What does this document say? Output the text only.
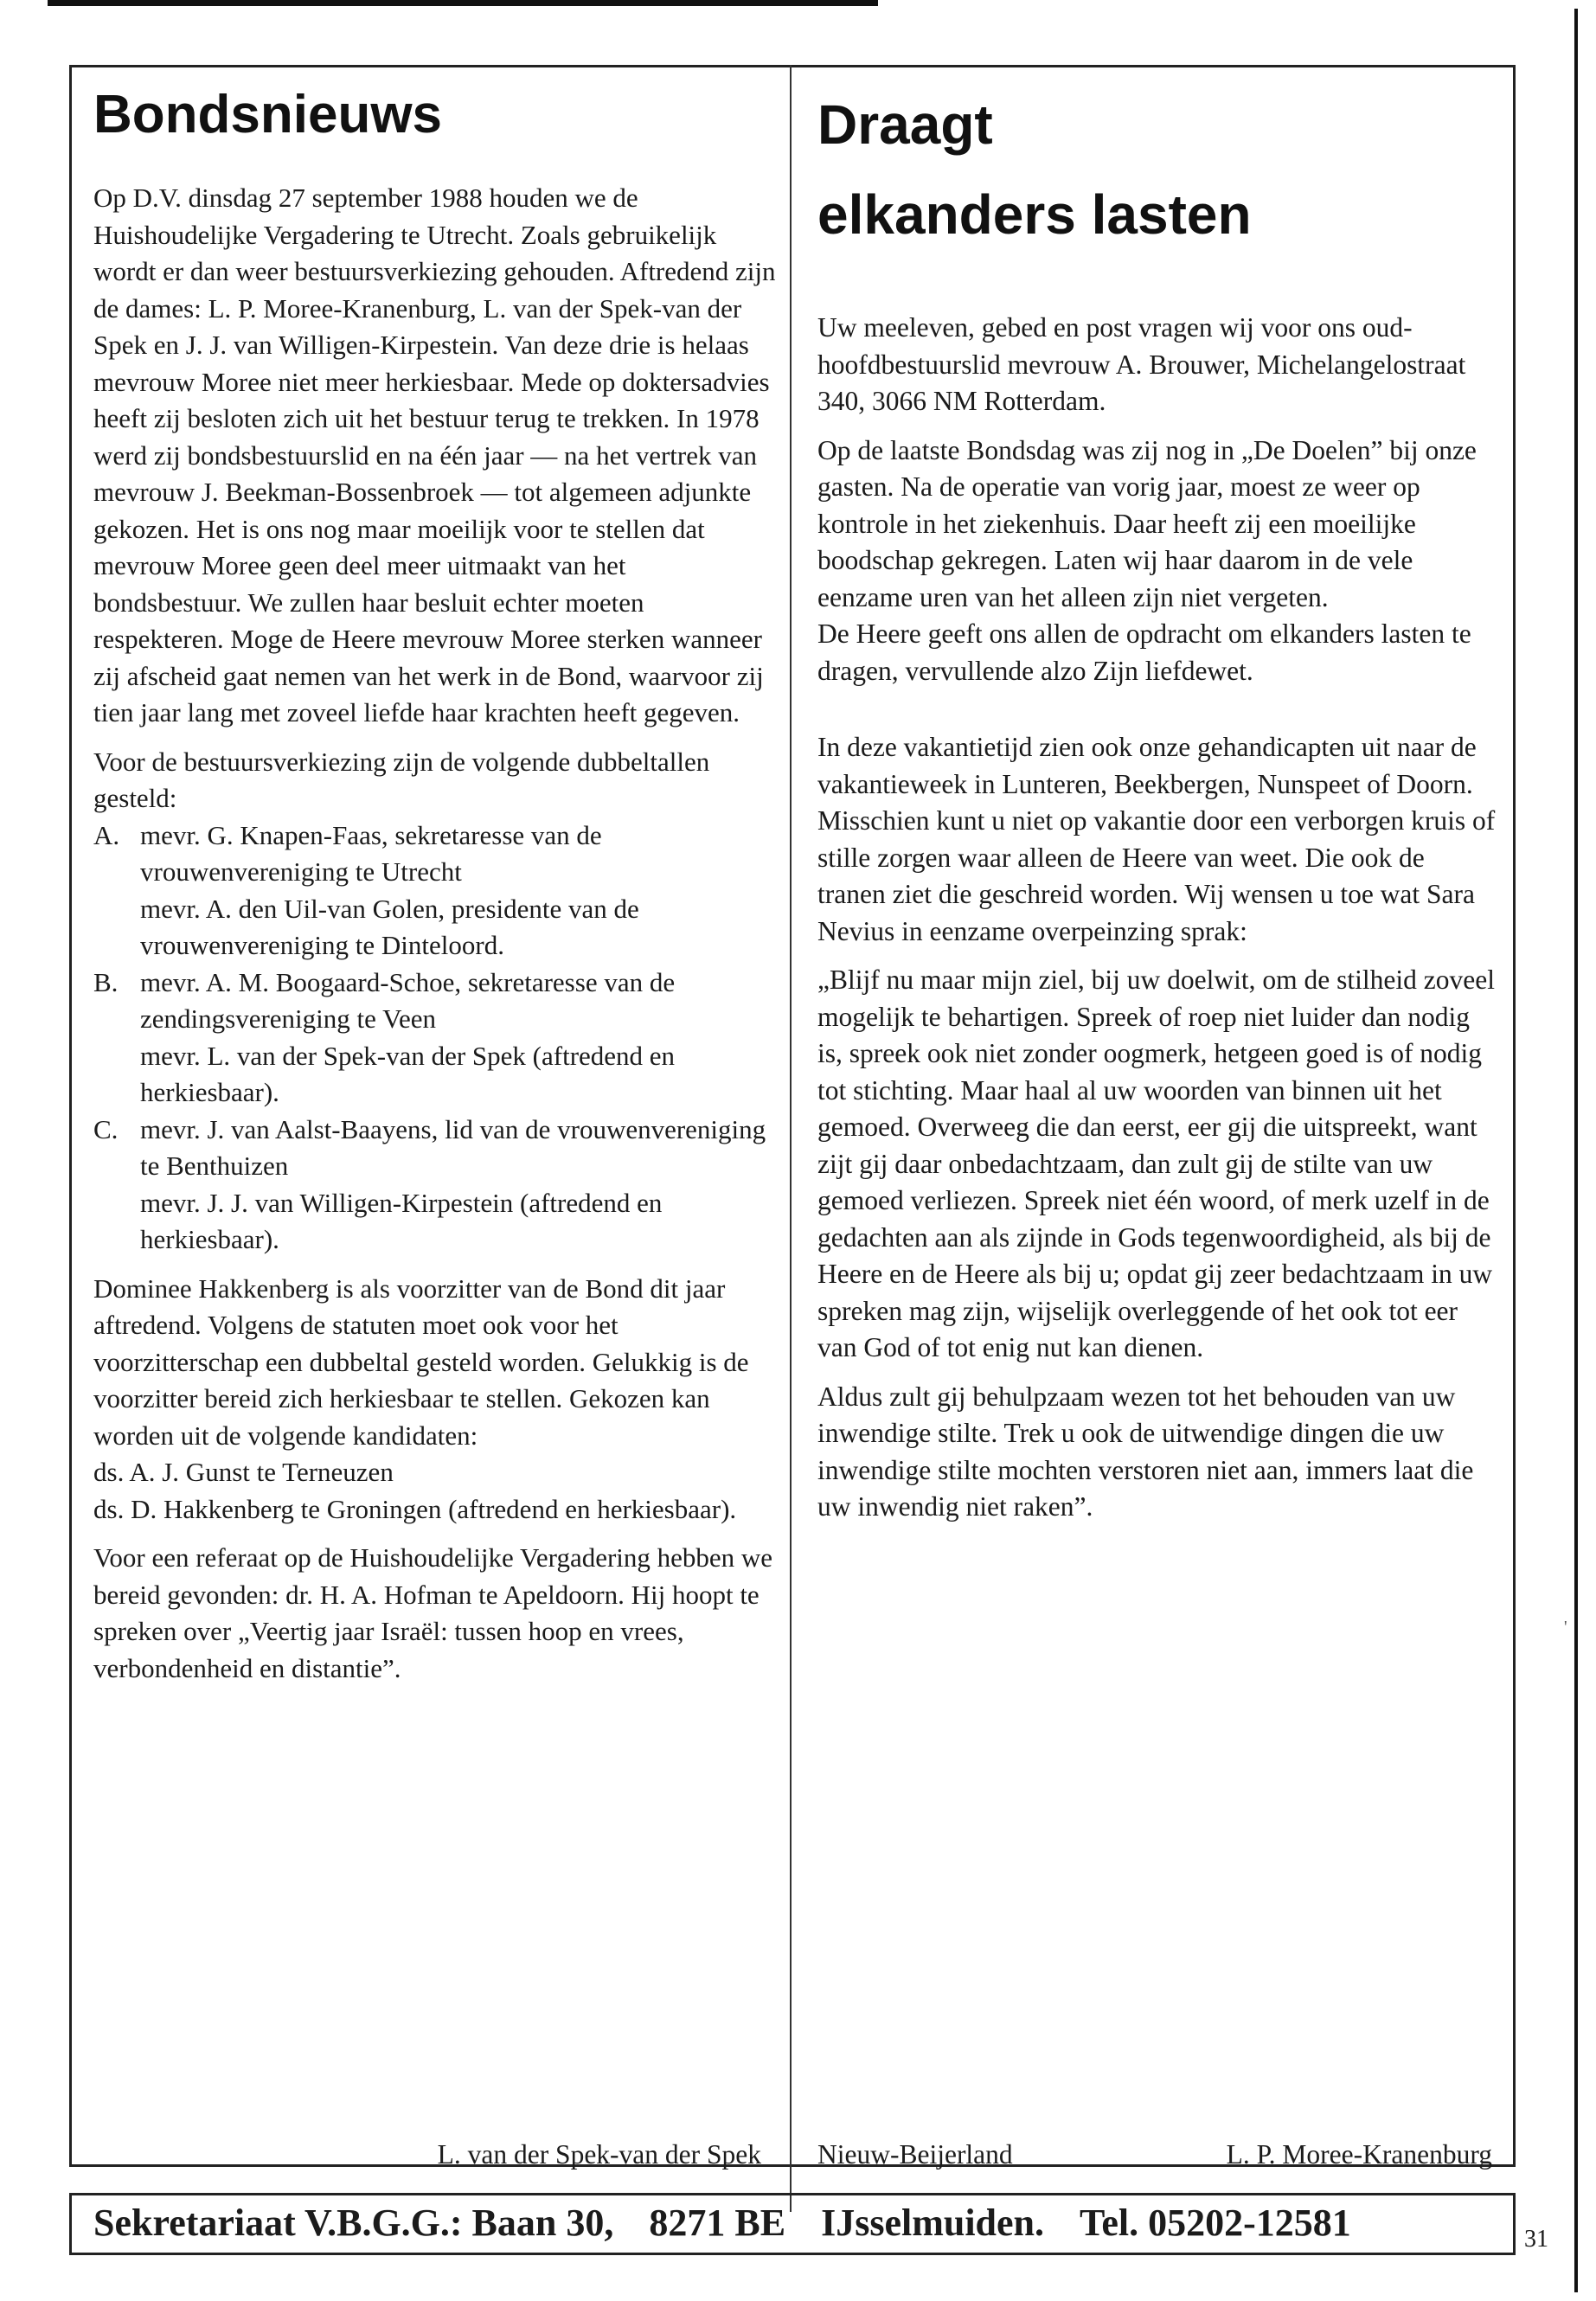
Bondsnieuws

Op D.V. dinsdag 27 september 1988 houden we de Huishoudelijke Vergadering te Utrecht. Zoals gebruikelijk wordt er dan weer bestuursverkiezing gehouden. Aftredend zijn de dames: L. P. Moree-Kranenburg, L. van der Spek-van der Spek en J. J. van Willigen-Kirpestein. Van deze drie is helaas mevrouw Moree niet meer herkiesbaar. Mede op doktersadvies heeft zij besloten zich uit het bestuur terug te trekken. In 1978 werd zij bondsbestuurslid en na één jaar — na het vertrek van mevrouw J. Beekman-Bossenbroek — tot algemeen adjunkte gekozen. Het is ons nog maar moeilijk voor te stellen dat mevrouw Moree geen deel meer uitmaakt van het bondsbestuur. We zullen haar besluit echter moeten respekteren. Moge de Heere mevrouw Moree sterken wanneer zij afscheid gaat nemen van het werk in de Bond, waarvoor zij tien jaar lang met zoveel liefde haar krachten heeft gegeven.

Voor de bestuursverkiezing zijn de volgende dubbeltallen gesteld:

A. mevr. G. Knapen-Faas, sekretaresse van de vrouwenvereniging te Utrecht
mevr. A. den Uil-van Golen, presidente van de vrouwenvereniging te Dinteloord.
B. mevr. A. M. Boogaard-Schoe, sekretaresse van de zendingsvereniging te Veen
mevr. L. van der Spek-van der Spek (aftredend en herkiesbaar).
C. mevr. J. van Aalst-Baayens, lid van de vrouwenvereniging te Benthuizen
mevr. J. J. van Willigen-Kirpestein (aftredend en herkiesbaar).

Dominee Hakkenberg is als voorzitter van de Bond dit jaar aftredend. Volgens de statuten moet ook voor het voorzitterschap een dubbeltal gesteld worden. Gelukkig is de voorzitter bereid zich herkiesbaar te stellen. Gekozen kan worden uit de volgende kandidaten:
ds. A. J. Gunst te Terneuzen
ds. D. Hakkenberg te Groningen (aftredend en herkiesbaar).

Voor een referaat op de Huishoudelijke Vergadering hebben we bereid gevonden: dr. H. A. Hofman te Apeldoorn. Hij hoopt te spreken over „Veertig jaar Israël: tussen hoop en vrees, verbondenheid en distantie”.

Draagt
elkanders lasten

Uw meeleven, gebed en post vragen wij voor ons oud-hoofdbestuurslid mevrouw A. Brouwer, Michelangelostraat 340, 3066 NM Rotterdam.

Op de laatste Bondsdag was zij nog in „De Doelen” bij onze gasten. Na de operatie van vorig jaar, moest ze weer op kontrole in het ziekenhuis. Daar heeft zij een moeilijke boodschap gekregen. Laten wij haar daarom in de vele eenzame uren van het alleen zijn niet vergeten.

De Heere geeft ons allen de opdracht om elkanders lasten te dragen, vervullende alzo Zijn liefdewet.

In deze vakantietijd zien ook onze gehandicapten uit naar de vakantieweek in Lunteren, Beekbergen, Nunspeet of Doorn. Misschien kunt u niet op vakantie door een verborgen kruis of stille zorgen waar alleen de Heere van weet. Die ook de tranen ziet die geschreid worden. Wij wensen u toe wat Sara Nevius in eenzame overpeinzing sprak:

„Blijf nu maar mijn ziel, bij uw doelwit, om de stilheid zoveel mogelijk te behartigen. Spreek of roep niet luider dan nodig is, spreek ook niet zonder oogmerk, hetgeen goed is of nodig tot stichting. Maar haal al uw woorden van binnen uit het gemoed. Overweeg die dan eerst, eer gij die uitspreekt, want zijt gij daar onbedachtzaam, dan zult gij de stilte van uw gemoed verliezen. Spreek niet één woord, of merk uzelf in de gedachten aan als zijnde in Gods tegenwoordigheid, als bij de Heere en de Heere als bij u; opdat gij zeer bedachtzaam in uw spreken mag zijn, wijselijk overleggende of het ook tot eer van God of tot enig nut kan dienen.

Aldus zult gij behulpzaam wezen tot het behouden van uw inwendige stilte. Trek u ook de uitwendige dingen die uw inwendige stilte mochten verstoren niet aan, immers laat die uw inwendig niet raken”.

L. van der Spek-van der Spek Nieuw-Beijerland	L. P. Moree-Kranenburg
Sekretariaat V.B.G.G.: Baan 30, 8271 BE IJsselmuiden. Tel. 05202-12581	31
'
